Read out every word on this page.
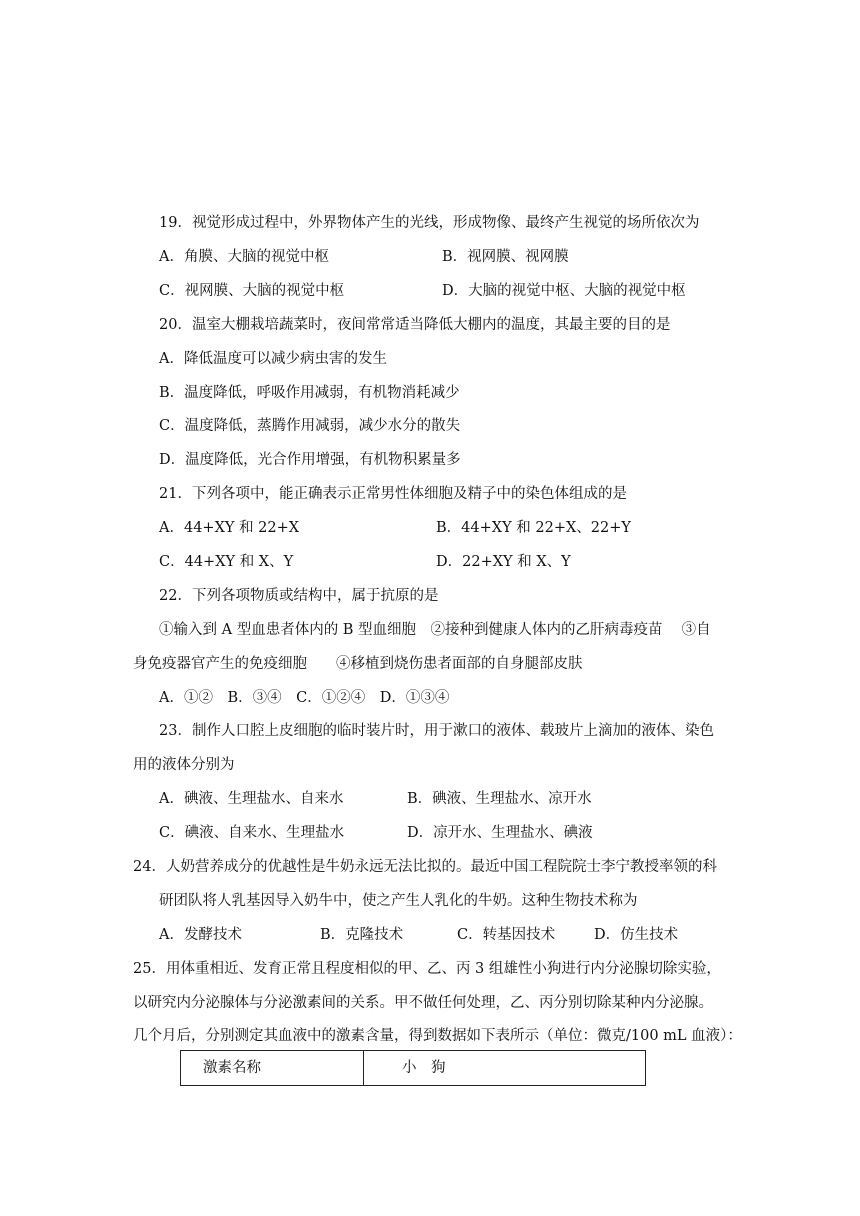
19．视觉形成过程中，外界物体产生的光线，形成物像、最终产生视觉的场所依次为
A．角膜、大脑的视觉中枢	B．视网膜、视网膜
C．视网膜、大脑的视觉中枢	D．大脑的视觉中枢、大脑的视觉中枢
20．温室大棚栽培蔬菜时，夜间常常适当降低大棚内的温度，其最主要的目的是
A．降低温度可以减少病虫害的发生
B．温度降低，呼吸作用减弱，有机物消耗减少
C．温度降低，蒸腾作用减弱，减少水分的散失
D．温度降低，光合作用增强，有机物积累量多
21．下列各项中，能正确表示正常男性体细胞及精子中的染色体组成的是
A．44+XY 和 22+X	B．44+XY 和 22+X、22+Y
C．44+XY 和 X、Y	D．22+XY 和 X、Y
22．下列各项物质或结构中，属于抗原的是
①输入到 A 型血患者体内的 B 型血细胞　②接种到健康人体内的乙肝病毒疫苗　 ③自
身免疫器官产生的免疫细胞　　④移植到烧伤患者面部的自身腿部皮肤
A．①②　B．③④　C．①②④　D．①③④
23．制作人口腔上皮细胞的临时装片时，用于漱口的液体、载玻片上滴加的液体、染色
用的液体分别为
A．碘液、生理盐水、自来水	B．碘液、生理盐水、凉开水
C．碘液、自来水、生理盐水	D．凉开水、生理盐水、碘液
24．人奶营养成分的优越性是牛奶永远无法比拟的。最近中国工程院院士李宁教授率领的科
研团队将人乳基因导入奶牛中，使之产生人乳化的牛奶。这种生物技术称为
A．发酵技术	B．克隆技术	C．转基因技术	D．仿生技术
25．用体重相近、发育正常且程度相似的甲、乙、丙 3 组雄性小狗进行内分泌腺切除实验，
以研究内分泌腺体与分泌激素间的关系。甲不做任何处理，乙、丙分别切除某种内分泌腺。
几个月后，分别测定其血液中的激素含量，得到数据如下表所示（单位：微克/100 mL 血液）：
激素名称	小　狗
